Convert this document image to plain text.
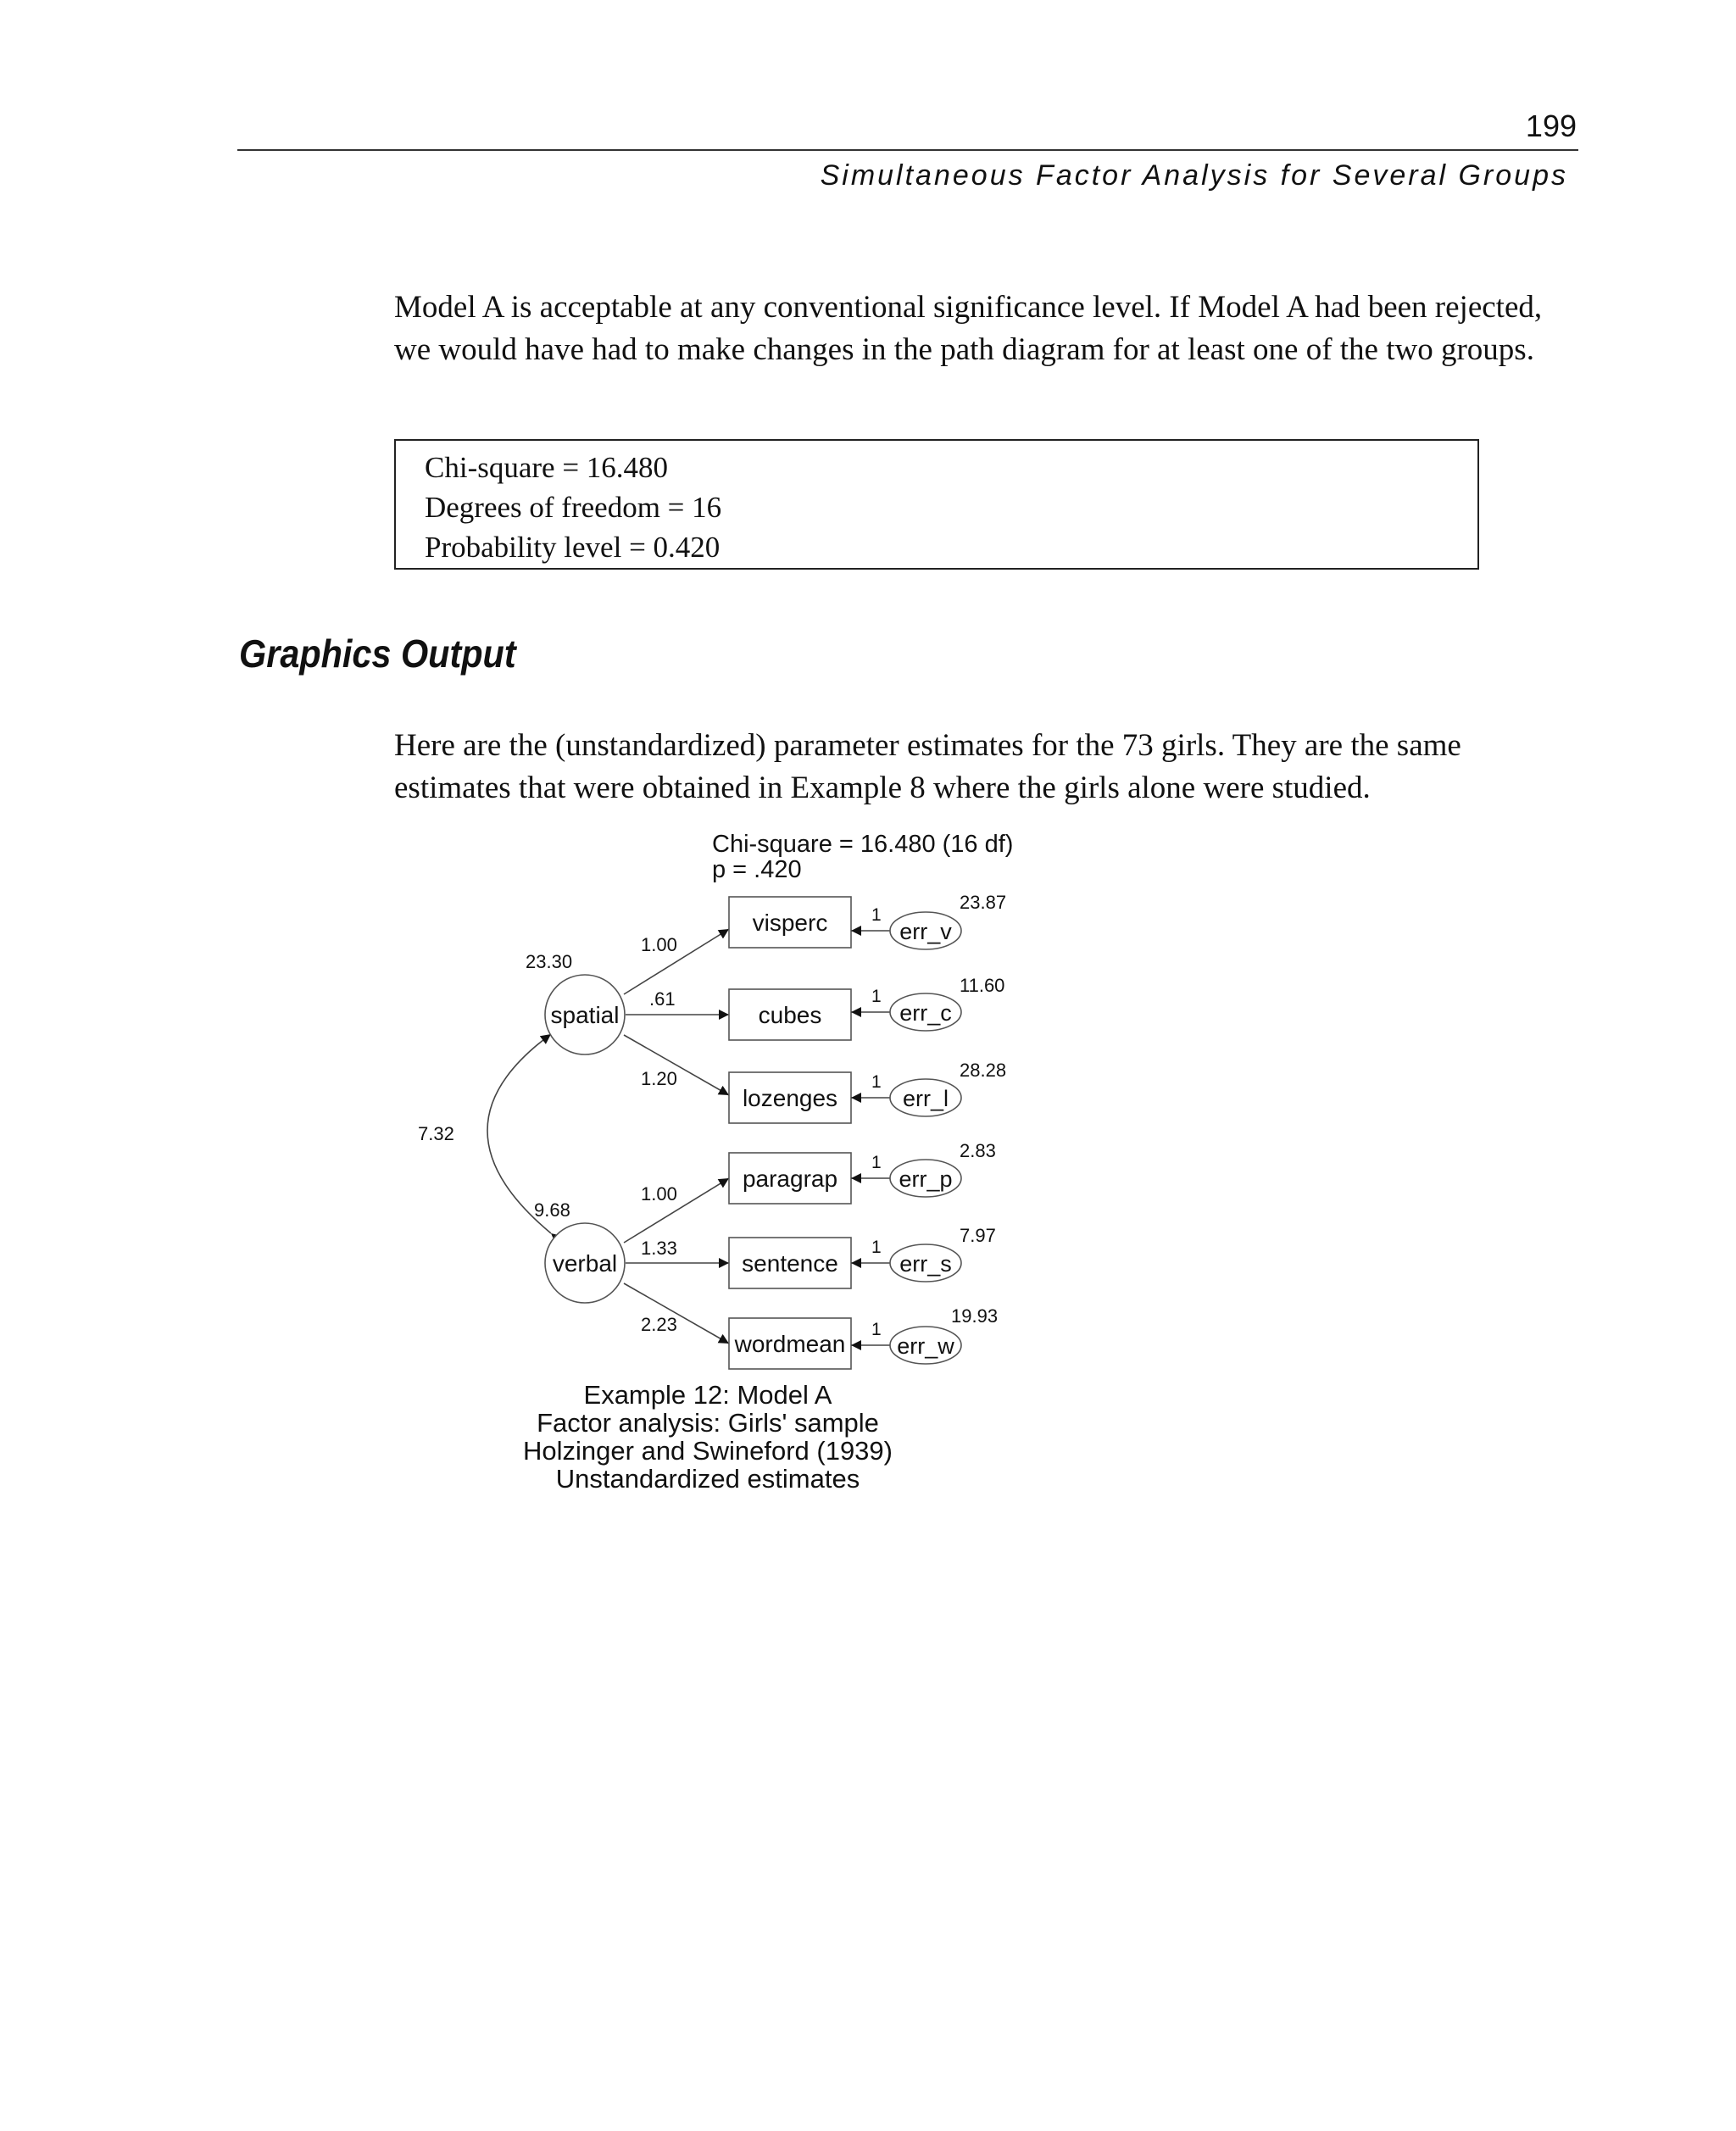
199
Simultaneous Factor Analysis for Several Groups

Model A is acceptable at any conventional significance level. If Model A had been rejected, we would have had to make changes in the path diagram for at least one of the two groups.

Chi-square = 16.480
Degrees of freedom = 16
Probability level = 0.420
Graphics Output

Here are the (unstandardized) parameter estimates for the 73 girls. They are the same estimates that were obtained in Example 8 where the girls alone were studied.

Chi-square = 16.480 (16 df)
p = .420
7.32
spatial
23.30
verbal
9.68
1.00
.61
1.20
1.00
1.33
2.23
visperc
cubes
lozenges
paragrap
sentence
wordmean
err_v
1
23.87
err_c
1
11.60
err_l
1
28.28
err_p
1
2.83
err_s
1
7.97
err_w
1
19.93
Example 12: Model A
Factor analysis: Girls' sample
Holzinger and Swineford (1939)
Unstandardized estimates
